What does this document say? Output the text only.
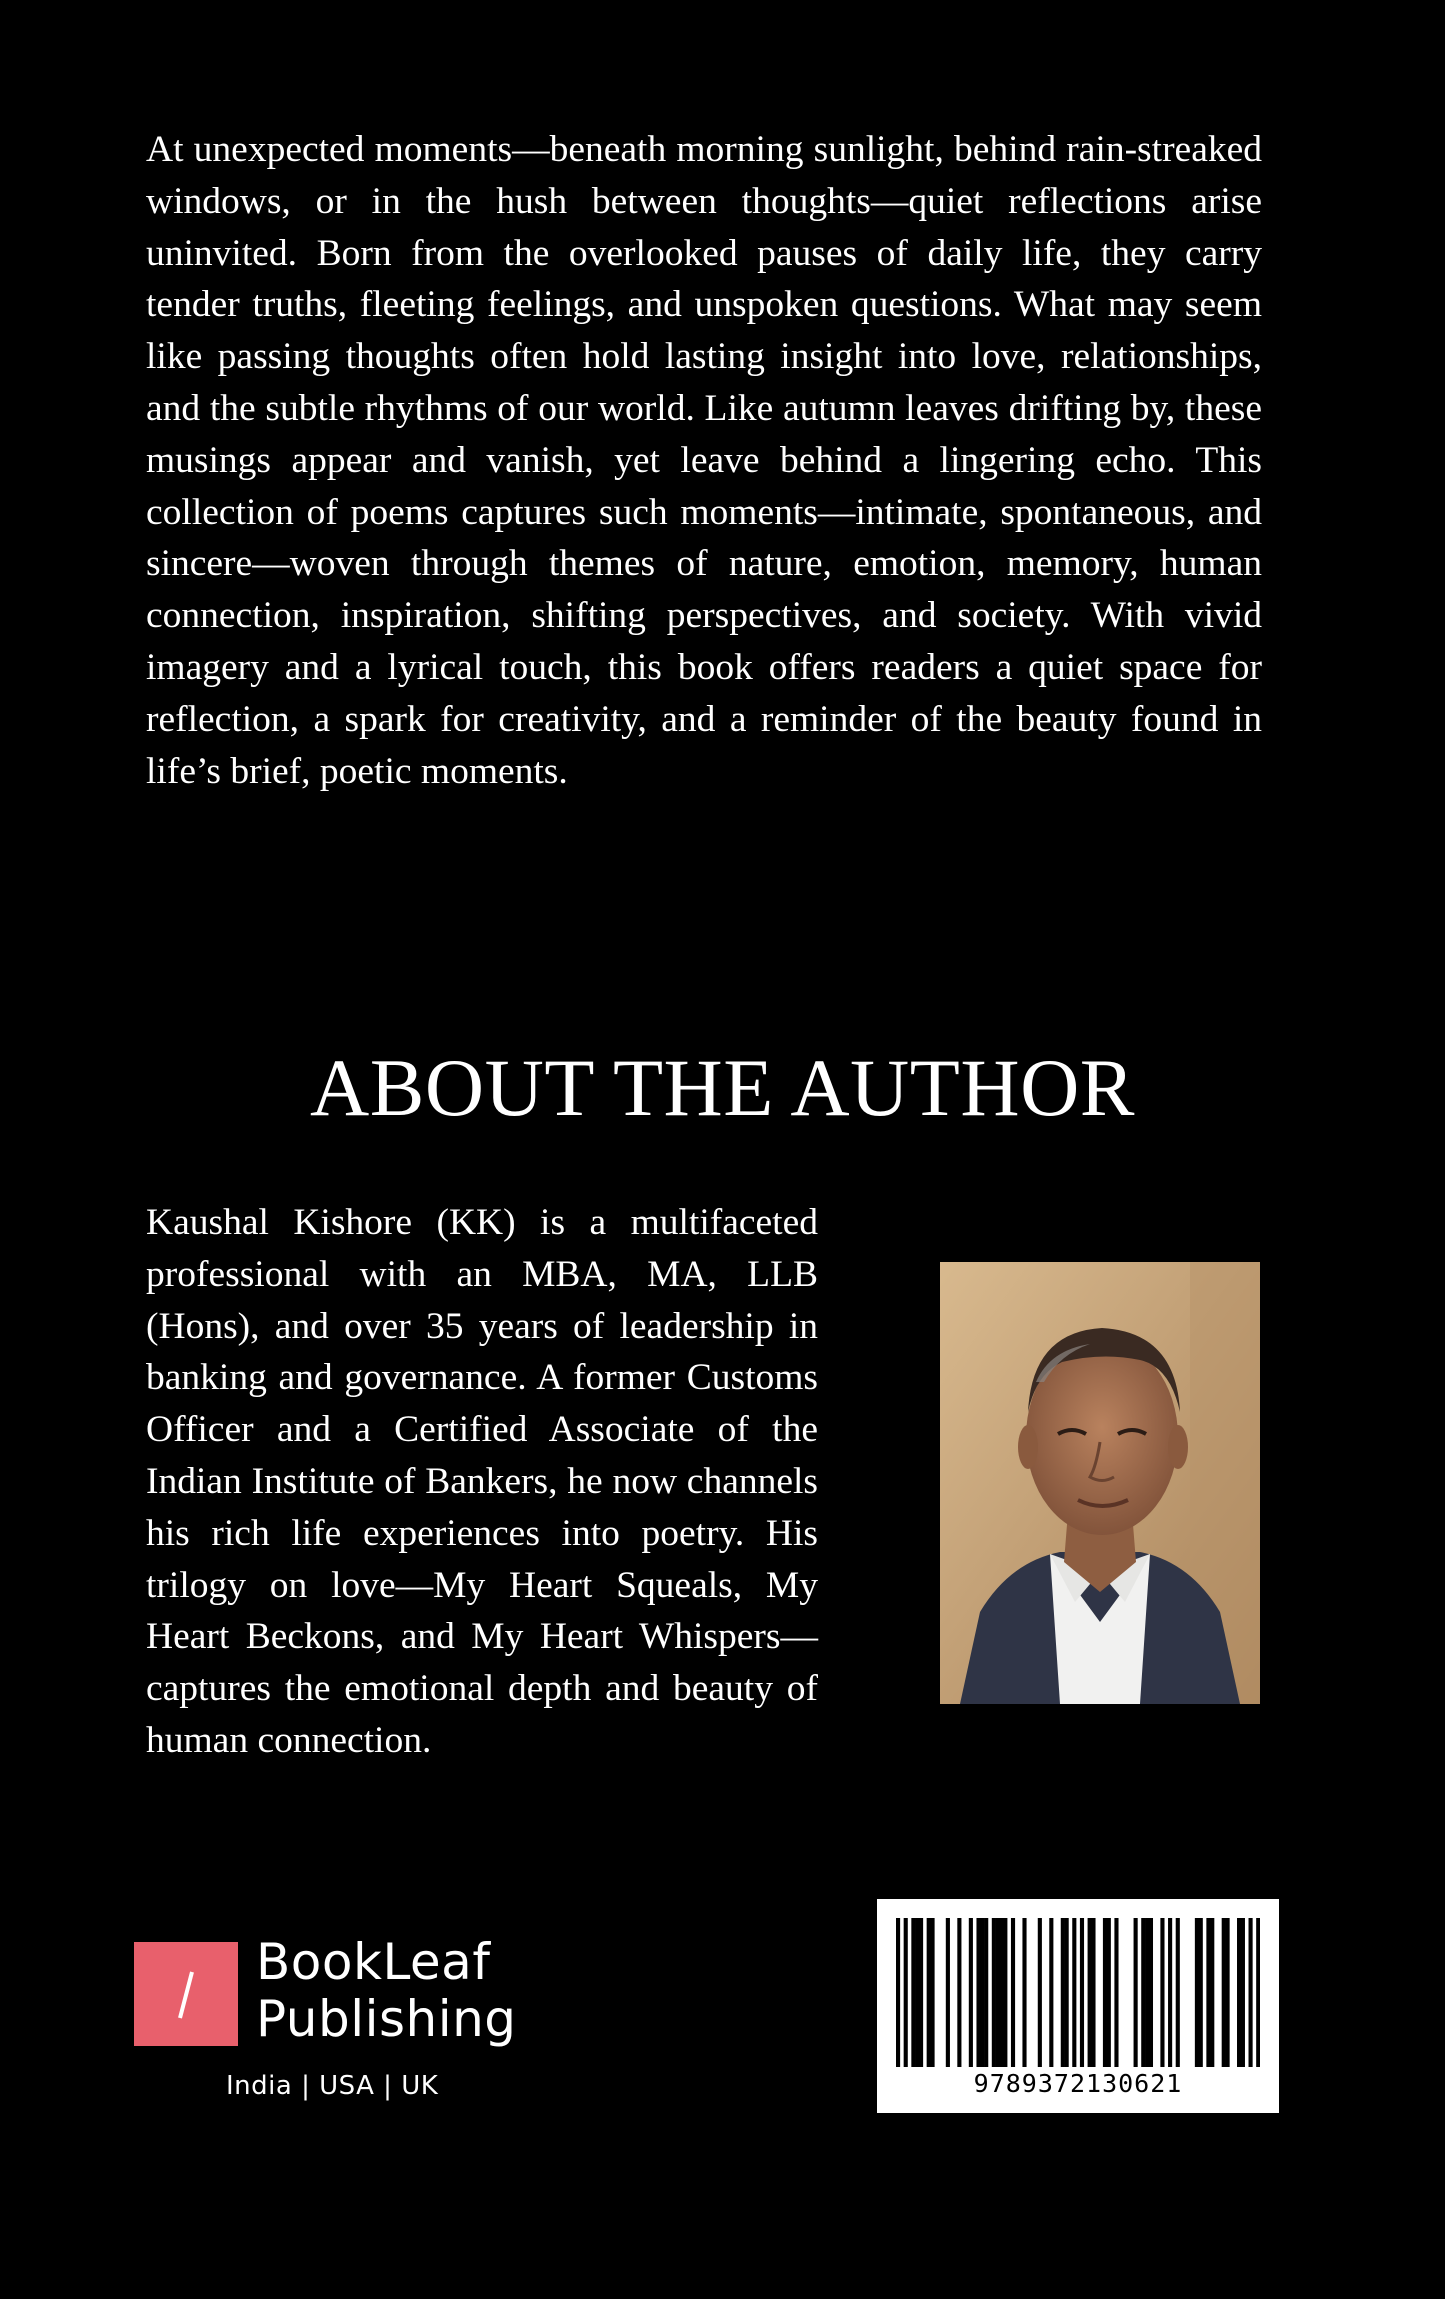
At unexpected moments—beneath morning sunlight, behind rain-streaked windows, or in the hush between thoughts—quiet reflections arise uninvited. Born from the overlooked pauses of daily life, they carry tender truths, fleeting feelings, and unspoken questions. What may seem like passing thoughts often hold lasting insight into love, relationships, and the subtle rhythms of our world. Like autumn leaves drifting by, these musings appear and vanish, yet leave behind a lingering echo. This collection of poems captures such moments—intimate, spontaneous, and sincere—woven through themes of nature, emotion, memory, human connection, inspiration, shifting perspectives, and society. With vivid imagery and a lyrical touch, this book offers readers a quiet space for reflection, a spark for creativity, and a reminder of the beauty found in life’s brief, poetic moments.

ABOUT THE AUTHOR

Kaushal Kishore (KK) is a multifaceted professional with an MBA, MA, LLB (Hons), and over 35 years of leadership in banking and governance. A former Customs Officer and a Certified Associate of the Indian Institute of Bankers, he now channels his rich life experiences into poetry. His trilogy on love—My Heart Squeals, My Heart Beckons, and My Heart Whispers—captures the emotional depth and beauty of human connection.

BookLeaf
Publishing
India | USA | UK	9789372130621
